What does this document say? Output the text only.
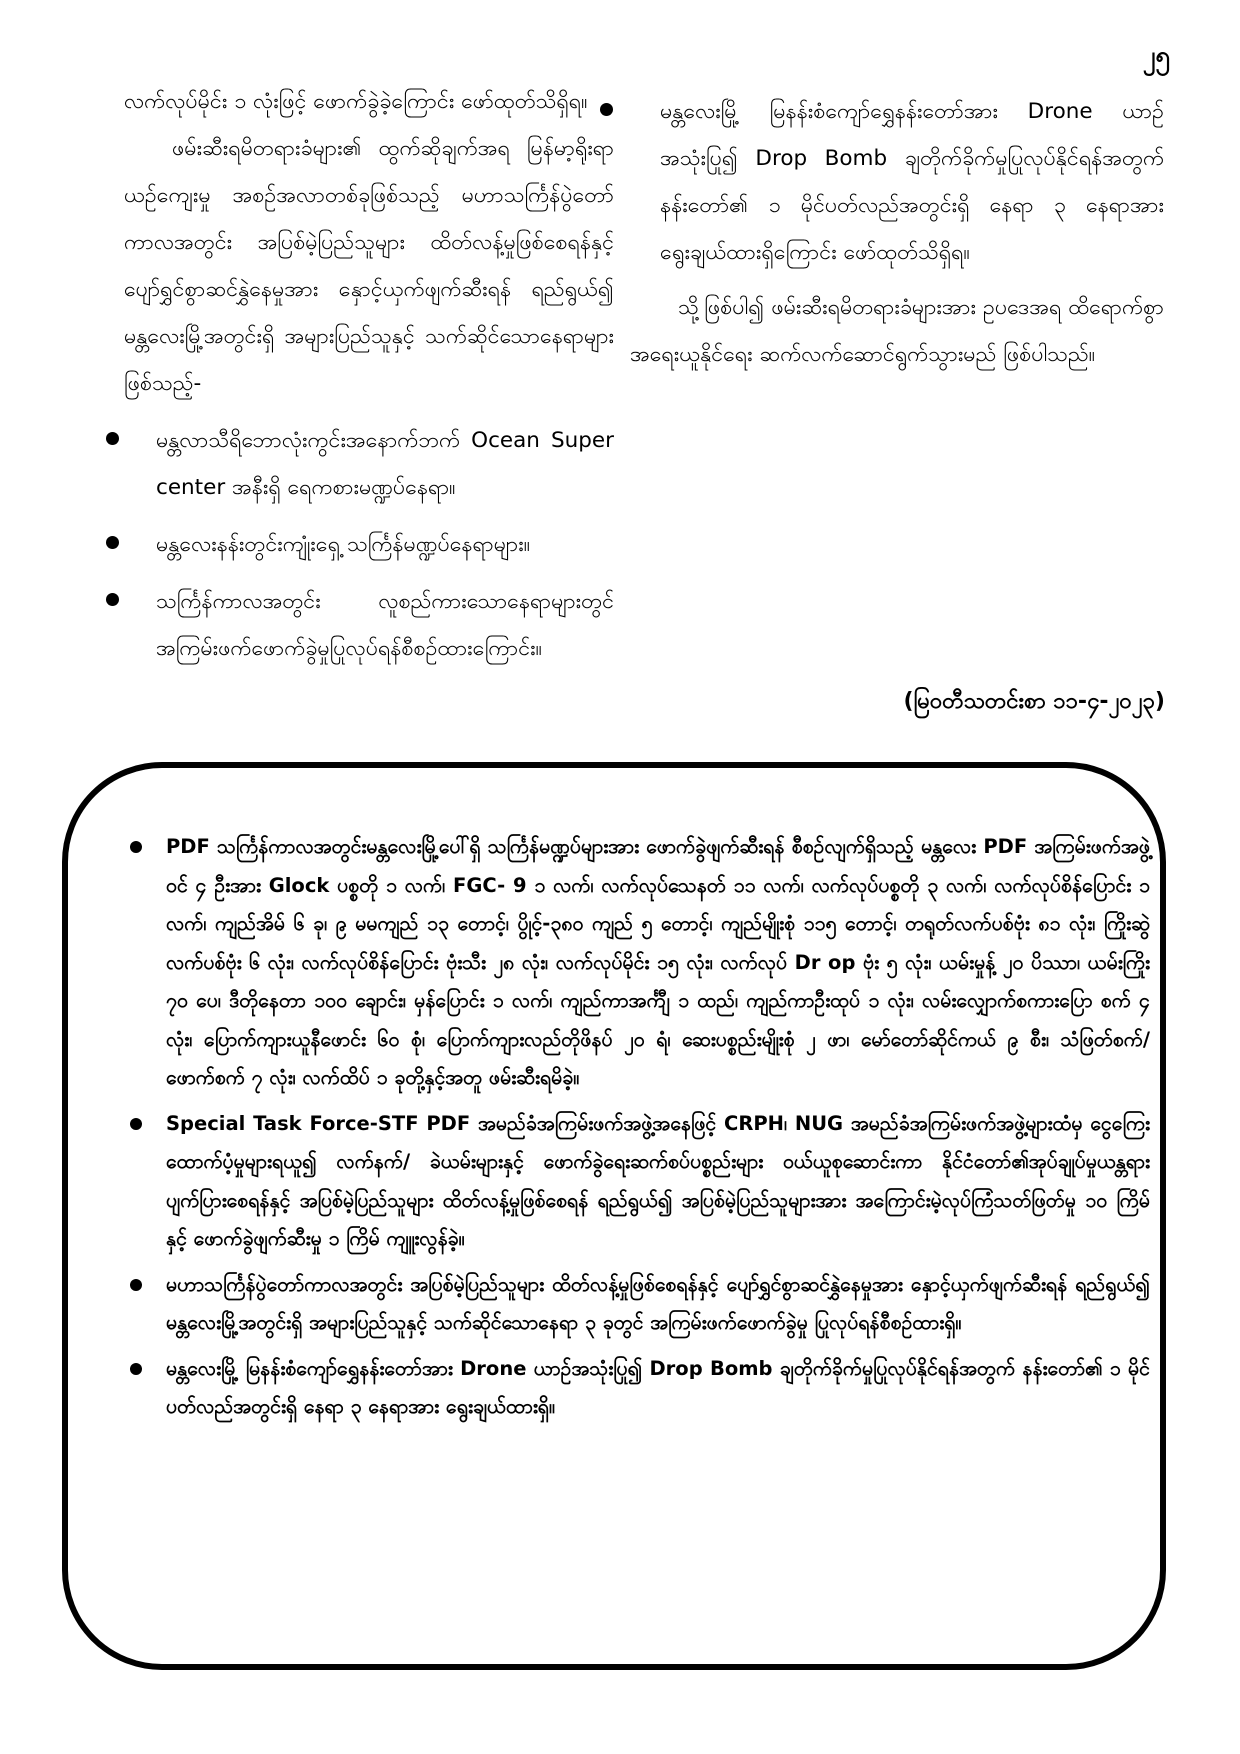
၂၅

လက်လုပ်မိုင်း ၁ လုံးဖြင့် ဖောက်ခွဲခဲ့ကြောင်း ဖော်ထုတ်သိရှိရ။

ဖမ်းဆီးရမိတရားခံများ၏ ထွက်ဆိုချက်အရ မြန်မာ့ရိုးရာယဉ်ကျေးမှု အစဉ်အလာတစ်ခုဖြစ်သည့် မဟာသင်္ကြန်ပွဲတော်ကာလအတွင်း အပြစ်မဲ့ပြည်သူများ ထိတ်လန့်မှုဖြစ်စေရန်နှင့် ပျော်ရွှင်စွာဆင်နွှဲနေမှုအား နှောင့်ယှက်ဖျက်ဆီးရန် ရည်ရွယ်၍ မန္တလေးမြို့အတွင်းရှိ အများပြည်သူနှင့် သက်ဆိုင်သောနေရာများဖြစ်သည့်-

မန္တလာသီရိဘောလုံးကွင်းအနောက်ဘက် Ocean Super center အနီးရှိ ရေကစားမဏ္ဍပ်နေရာ။
မန္တလေးနန်းတွင်းကျုံးရှေ့ သင်္ကြန်မဏ္ဍပ်နေရာများ။
သင်္ကြန်ကာလအတွင်း လူစည်ကားသောနေရာများတွင် အကြမ်းဖက်ဖောက်ခွဲမှုပြုလုပ်ရန်စီစဉ်ထားကြောင်း။
မန္တလေးမြို့ မြနန်းစံကျော်ရွှေနန်းတော်အား Drone ယာဉ်အသုံးပြု၍ Drop Bomb ချတိုက်ခိုက်မှုပြုလုပ်နိုင်ရန်အတွက် နန်းတော်၏ ၁ မိုင်ပတ်လည်အတွင်းရှိ နေရာ ၃ နေရာအား ရွေးချယ်ထားရှိကြောင်း ဖော်ထုတ်သိရှိရ။

သို့ဖြစ်ပါ၍ ဖမ်းဆီးရမိတရားခံများအား ဥပဒေအရ ထိရောက်စွာ အရေးယူနိုင်ရေး ဆက်လက်ဆောင်ရွက်သွားမည် ဖြစ်ပါသည်။

(မြဝတီသတင်းစာ ၁၁-၄-၂၀၂၃)
PDF သင်္ကြန်ကာလအတွင်းမန္တလေးမြို့ပေါ်ရှိ သင်္ကြန်မဏ္ဍပ်များအား ဖောက်ခွဲဖျက်ဆီးရန် စီစဉ်လျက်ရှိသည့် မန္တလေး PDF အကြမ်းဖက်အဖွဲ့ဝင် ၄ ဦးအား Glock ပစ္စတို ၁ လက်၊ FGC- 9 ၁ လက်၊ လက်လုပ်သေနတ် ၁၁ လက်၊ လက်လုပ်ပစ္စတို ၃ လက်၊ လက်လုပ်စိန်ပြောင်း ၁ လက်၊ ကျည်အိမ် ၆ ခု၊ ၉ မမကျည် ၁၃ တောင့်၊ ပွိုင့်-၃၈၀ ကျည် ၅ တောင့်၊ ကျည်မျိုးစုံ ၁၁၅ တောင့်၊ တရုတ်လက်ပစ်ဗုံး ၈၁ လုံး၊ ကြိုးဆွဲလက်ပစ်ဗုံး ၆ လုံး၊ လက်လုပ်စိန်ပြောင်း ဗုံးသီး ၂၈ လုံး၊ လက်လုပ်မိုင်း ၁၅ လုံး၊ လက်လုပ် Dr op ဗုံး ၅ လုံး၊ ယမ်းမှုန့် ၂၀ ပိဿာ၊ ယမ်းကြိုး ၇၀ ပေ၊ ဒီတိုနေတာ ၁၀၀ ချောင်း၊ မှန်ပြောင်း ၁ လက်၊ ကျည်ကာအင်္ကျီ ၁ ထည်၊ ကျည်ကာဦးထုပ် ၁ လုံး၊ လမ်းလျှောက်စကားပြော စက် ၄ လုံး၊ ပြောက်ကျားယူနီဖောင်း ၆၀ စုံ၊ ပြောက်ကျားလည်တိုဖိနပ် ၂၀ ရံ၊ ဆေးပစ္စည်းမျိုးစုံ ၂ ဖာ၊ မော်တော်ဆိုင်ကယ် ၉ စီး၊ သံဖြတ်စက်/ဖောက်စက် ၇ လုံး၊ လက်ထိပ် ၁ ခုတို့နှင့်အတူ ဖမ်းဆီးရမိခဲ့။
Special Task Force-STF PDF အမည်ခံအကြမ်းဖက်အဖွဲ့အနေဖြင့် CRPH၊ NUG အမည်ခံအကြမ်းဖက်အဖွဲ့များထံမှ ငွေကြေးထောက်ပံ့မှုများရယူ၍ လက်နက်/ ခဲယမ်းများနှင့် ဖောက်ခွဲရေးဆက်စပ်ပစ္စည်းများ ဝယ်ယူစုဆောင်းကာ နိုင်ငံတော်၏အုပ်ချုပ်မှုယန္တရား ပျက်ပြားစေရန်နှင့် အပြစ်မဲ့ပြည်သူများ ထိတ်လန့်မှုဖြစ်စေရန် ရည်ရွယ်၍ အပြစ်မဲ့ပြည်သူများအား အကြောင်းမဲ့လုပ်ကြံသတ်ဖြတ်မှု ၁၀ ကြိမ်နှင့် ဖောက်ခွဲဖျက်ဆီးမှု ၁ ကြိမ် ကျူးလွန်ခဲ့။
မဟာသင်္ကြန်ပွဲတော်ကာလအတွင်း အပြစ်မဲ့ပြည်သူများ ထိတ်လန့်မှုဖြစ်စေရန်နှင့် ပျော်ရွှင်စွာဆင်နွှဲနေမှုအား နှောင့်ယှက်ဖျက်ဆီးရန် ရည်ရွယ်၍ မန္တလေးမြို့အတွင်းရှိ အများပြည်သူနှင့် သက်ဆိုင်သောနေရာ ၃ ခုတွင် အကြမ်းဖက်ဖောက်ခွဲမှု ပြုလုပ်ရန်စီစဉ်ထားရှိ။
မန္တလေးမြို့ မြနန်းစံကျော်ရွှေနန်းတော်အား Drone ယာဉ်အသုံးပြု၍ Drop Bomb ချတိုက်ခိုက်မှုပြုလုပ်နိုင်ရန်အတွက် နန်းတော်၏ ၁ မိုင်ပတ်လည်အတွင်းရှိ နေရာ ၃ နေရာအား ရွေးချယ်ထားရှိ။
